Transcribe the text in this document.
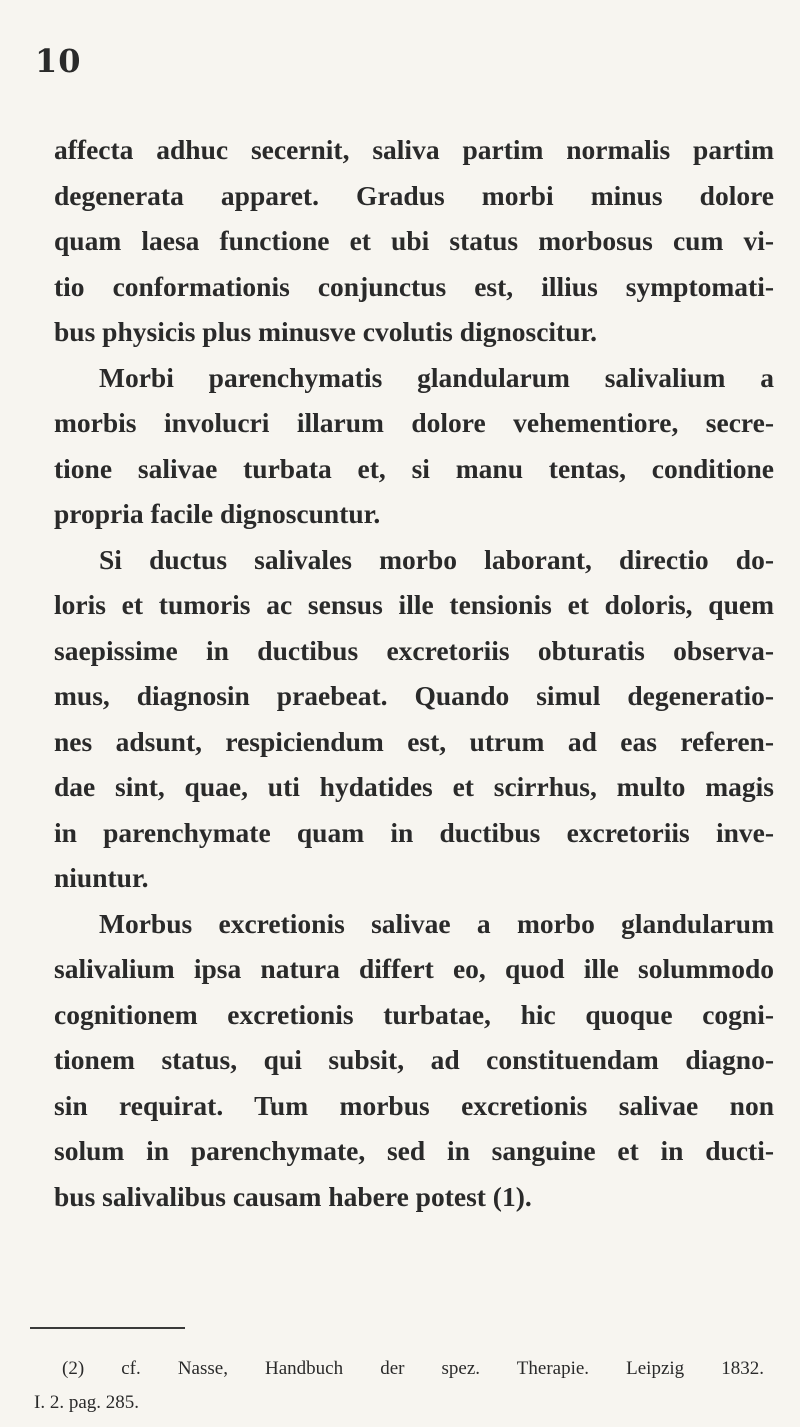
10
affecta adhuc secernit, saliva partim normalis partim
degenerata apparet. Gradus morbi minus dolore
quam laesa functione et ubi status morbosus cum vi-
tio conformationis conjunctus est, illius symptomati-
bus physicis plus minusve cvolutis dignoscitur.
Morbi parenchymatis glandularum salivalium a
morbis involucri illarum dolore vehementiore, secre-
tione salivae turbata et, si manu tentas, conditione
propria facile dignoscuntur.
Si ductus salivales morbo laborant, directio do-
loris et tumoris ac sensus ille tensionis et doloris, quem
saepissime in ductibus excretoriis obturatis observa-
mus, diagnosin praebeat. Quando simul degeneratio-
nes adsunt, respiciendum est, utrum ad eas referen-
dae sint, quae, uti hydatides et scirrhus, multo magis
in parenchymate quam in ductibus excretoriis inve-
niuntur.
Morbus excretionis salivae a morbo glandularum
salivalium ipsa natura differt eo, quod ille solummodo
cognitionem excretionis turbatae, hic quoque cogni-
tionem status, qui subsit, ad constituendam diagno-
sin requirat. Tum morbus excretionis salivae non
solum in parenchymate, sed in sanguine et in ducti-
bus salivalibus causam habere potest (1).
(2) cf. Nasse, Handbuch der spez. Therapie. Leipzig 1832.
I. 2. pag. 285.
